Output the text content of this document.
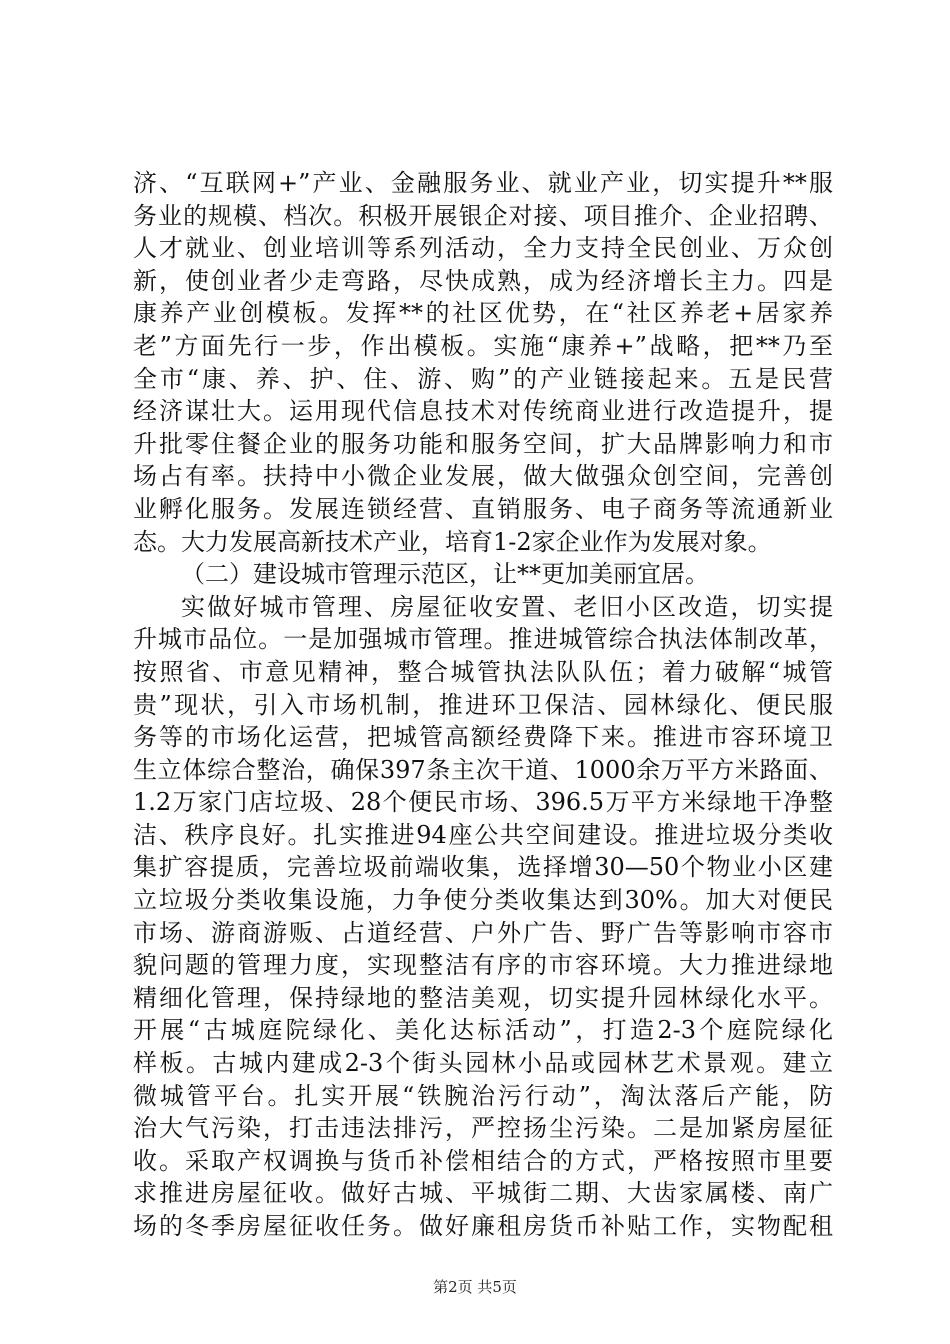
济、“互联网+”产业、金融服务业、就业产业，切实提升**服
务业的规模、档次。积极开展银企对接、项目推介、企业招聘、
人才就业、创业培训等系列活动，全力支持全民创业、万众创
新，使创业者少走弯路，尽快成熟，成为经济增长主力。四是
康养产业创模板。发挥**的社区优势，在“社区养老+居家养
老”方面先行一步，作出模板。实施“康养+”战略，把**乃至
全市“康、养、护、住、游、购”的产业链接起来。五是民营
经济谋壮大。运用现代信息技术对传统商业进行改造提升，提
升批零住餐企业的服务功能和服务空间，扩大品牌影响力和市
场占有率。扶持中小微企业发展，做大做强众创空间，完善创
业孵化服务。发展连锁经营、直销服务、电子商务等流通新业
态。大力发展高新技术产业，培育1-2家企业作为发展对象。
（二）建设城市管理示范区，让**更加美丽宜居。
实做好城市管理、房屋征收安置、老旧小区改造，切实提
升城市品位。一是加强城市管理。推进城管综合执法体制改革，
按照省、市意见精神，整合城管执法队队伍；着力破解“城管
贵”现状，引入市场机制，推进环卫保洁、园林绿化、便民服
务等的市场化运营，把城管高额经费降下来。推进市容环境卫
生立体综合整治，确保397条主次干道、1000余万平方米路面、
1.2万家门店垃圾、28个便民市场、396.5万平方米绿地干净整
洁、秩序良好。扎实推进94座公共空间建设。推进垃圾分类收
集扩容提质，完善垃圾前端收集，选择增30—50个物业小区建
立垃圾分类收集设施，力争使分类收集达到30%。加大对便民
市场、游商游贩、占道经营、户外广告、野广告等影响市容市
貌问题的管理力度，实现整洁有序的市容环境。大力推进绿地
精细化管理，保持绿地的整洁美观，切实提升园林绿化水平。
开展“古城庭院绿化、美化达标活动”，打造2-3个庭院绿化
样板。古城内建成2-3个街头园林小品或园林艺术景观。建立
微城管平台。扎实开展“铁腕治污行动”，淘汰落后产能，防
治大气污染，打击违法排污，严控扬尘污染。二是加紧房屋征
收。采取产权调换与货币补偿相结合的方式，严格按照市里要
求推进房屋征收。做好古城、平城街二期、大齿家属楼、南广
场的冬季房屋征收任务。做好廉租房货币补贴工作，实物配租
第2页 共5页
